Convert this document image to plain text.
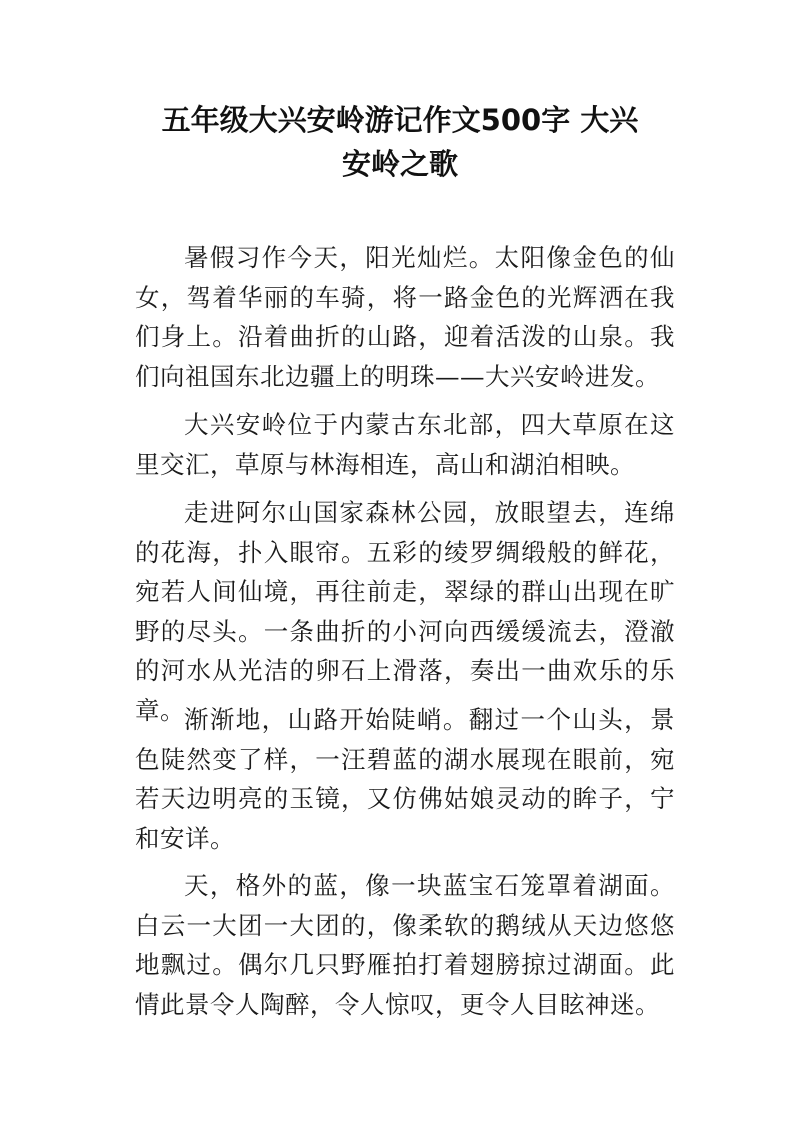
五年级大兴安岭游记作文500字 大兴
安岭之歌

暑假习作今天，阳光灿烂。太阳像金色的仙女，驾着华丽的车骑，将一路金色的光辉洒在我们身上。沿着曲折的山路，迎着活泼的山泉。我们向祖国东北边疆上的明珠——大兴安岭进发。

大兴安岭位于内蒙古东北部，四大草原在这里交汇，草原与林海相连，高山和湖泊相映。

走进阿尔山国家森林公园，放眼望去，连绵的花海，扑入眼帘。五彩的绫罗绸缎般的鲜花，宛若人间仙境，再往前走，翠绿的群山出现在旷野的尽头。一条曲折的小河向西缓缓流去，澄澈的河水从光洁的卵石上滑落，奏出一曲欢乐的乐章。 渐渐地，山路开始陡峭。翻过一个山头，景色陡然变了样，一汪碧蓝的湖水展现在眼前，宛若天边明亮的玉镜，又仿佛姑娘灵动的眸子，宁和安详。

天，格外的蓝，像一块蓝宝石笼罩着湖面。白云一大团一大团的，像柔软的鹅绒从天边悠悠地飘过。偶尔几只野雁拍打着翅膀掠过湖面。此情此景令人陶醉，令人惊叹，更令人目眩神迷。
